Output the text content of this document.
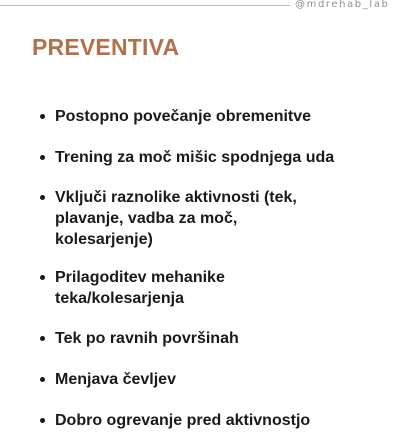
@mdrehab_lab
PREVENTIVA
Postopno povečanje obremenitve
Trening za moč mišic spodnjega uda
Vključi raznolike aktivnosti (tek,
plavanje, vadba za moč,
kolesarjenje)
Prilagoditev mehanike
teka/kolesarjenja
Tek po ravnih površinah
Menjava čevljev
Dobro ogrevanje pred aktivnostjo
